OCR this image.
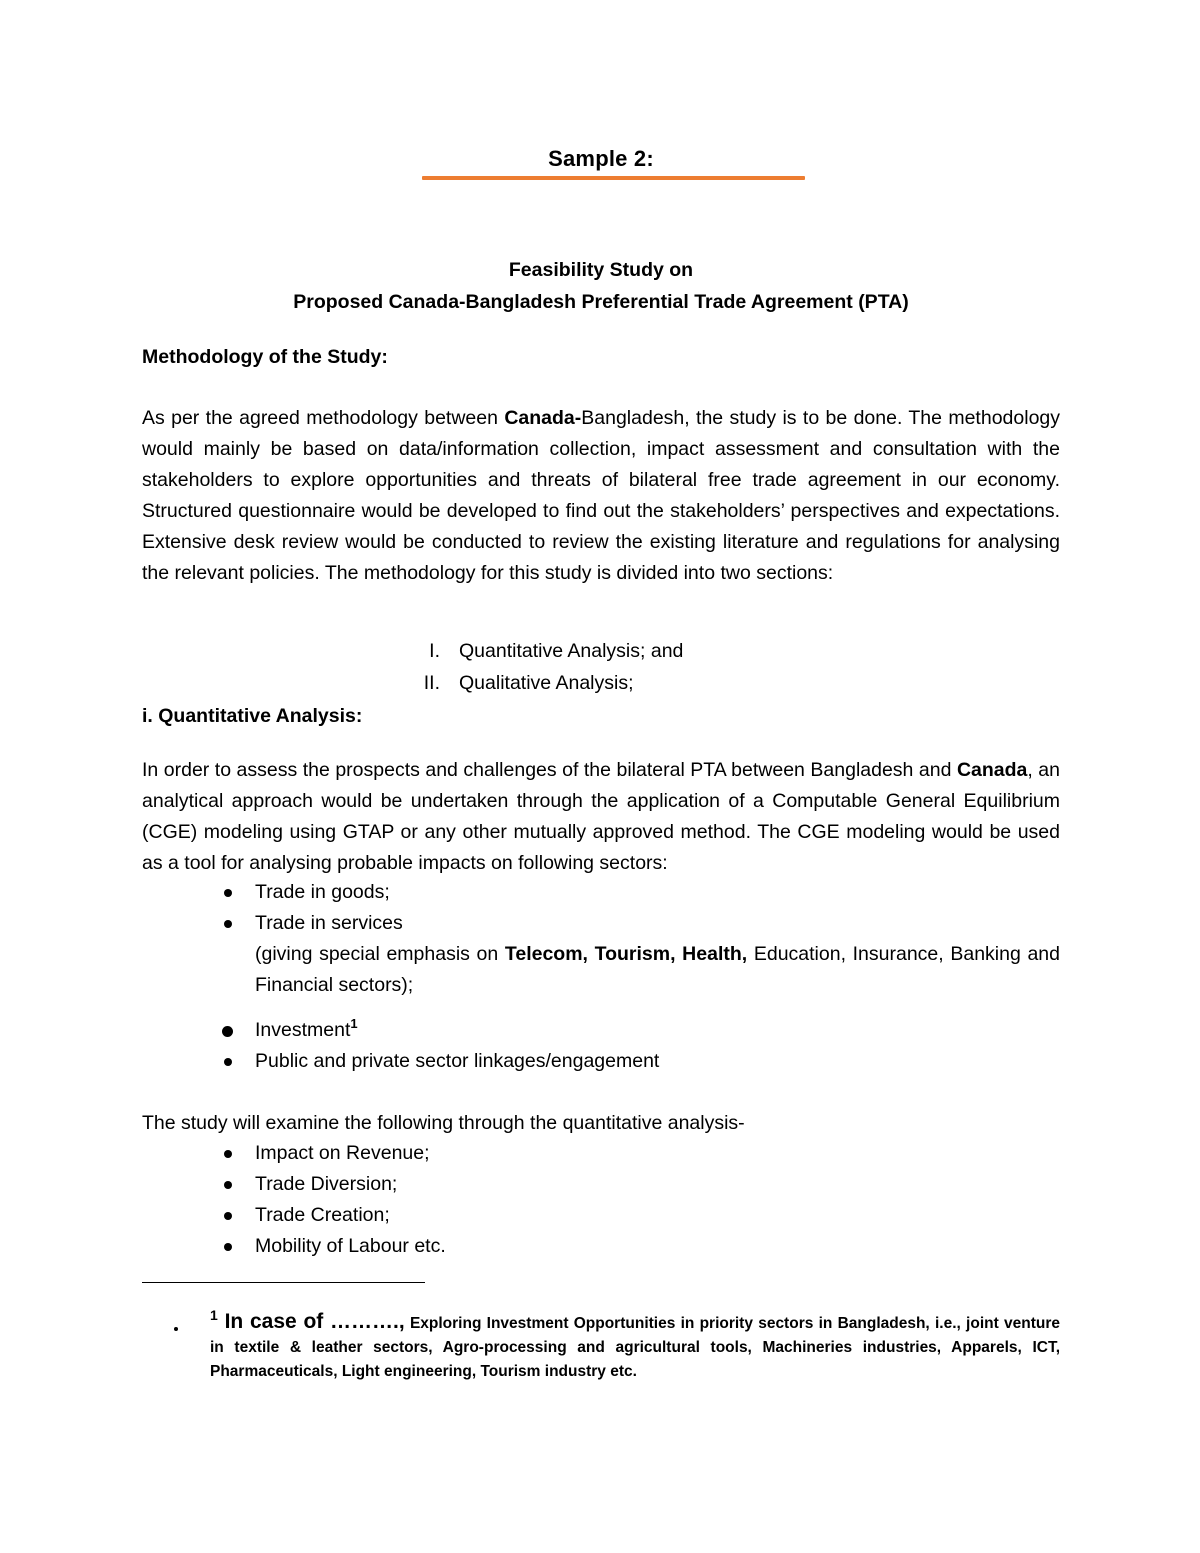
Sample 2:
Feasibility Study on
Proposed Canada-Bangladesh Preferential Trade Agreement (PTA)
Methodology of the Study:
As per the agreed methodology between Canada-Bangladesh, the study is to be done. The methodology would mainly be based on data/information collection, impact assessment and consultation with the stakeholders to explore opportunities and threats of bilateral free trade agreement in our economy. Structured questionnaire would be developed to find out the stakeholders’ perspectives and expectations. Extensive desk review would be conducted to review the existing literature and regulations for analysing the relevant policies. The methodology for this study is divided into two sections:
I. Quantitative Analysis; and
II. Qualitative Analysis;
i. Quantitative Analysis:
In order to assess the prospects and challenges of the bilateral PTA between Bangladesh and Canada, an analytical approach would be undertaken through the application of a Computable General Equilibrium (CGE) modeling using GTAP or any other mutually approved method. The CGE modeling would be used as a tool for analysing probable impacts on following sectors:
Trade in goods;
Trade in services
(giving special emphasis on Telecom, Tourism, Health, Education, Insurance, Banking and Financial sectors);
Investment$^1$
Public and private sector linkages/engagement
The study will examine the following through the quantitative analysis-
Impact on Revenue;
Trade Diversion;
Trade Creation;
Mobility of Labour etc.
$^1$ In case of ………., Exploring Investment Opportunities in priority sectors in Bangladesh, i.e., joint venture in textile & leather sectors, Agro-processing and agricultural tools, Machineries industries, Apparels, ICT, Pharmaceuticals, Light engineering, Tourism industry etc.
